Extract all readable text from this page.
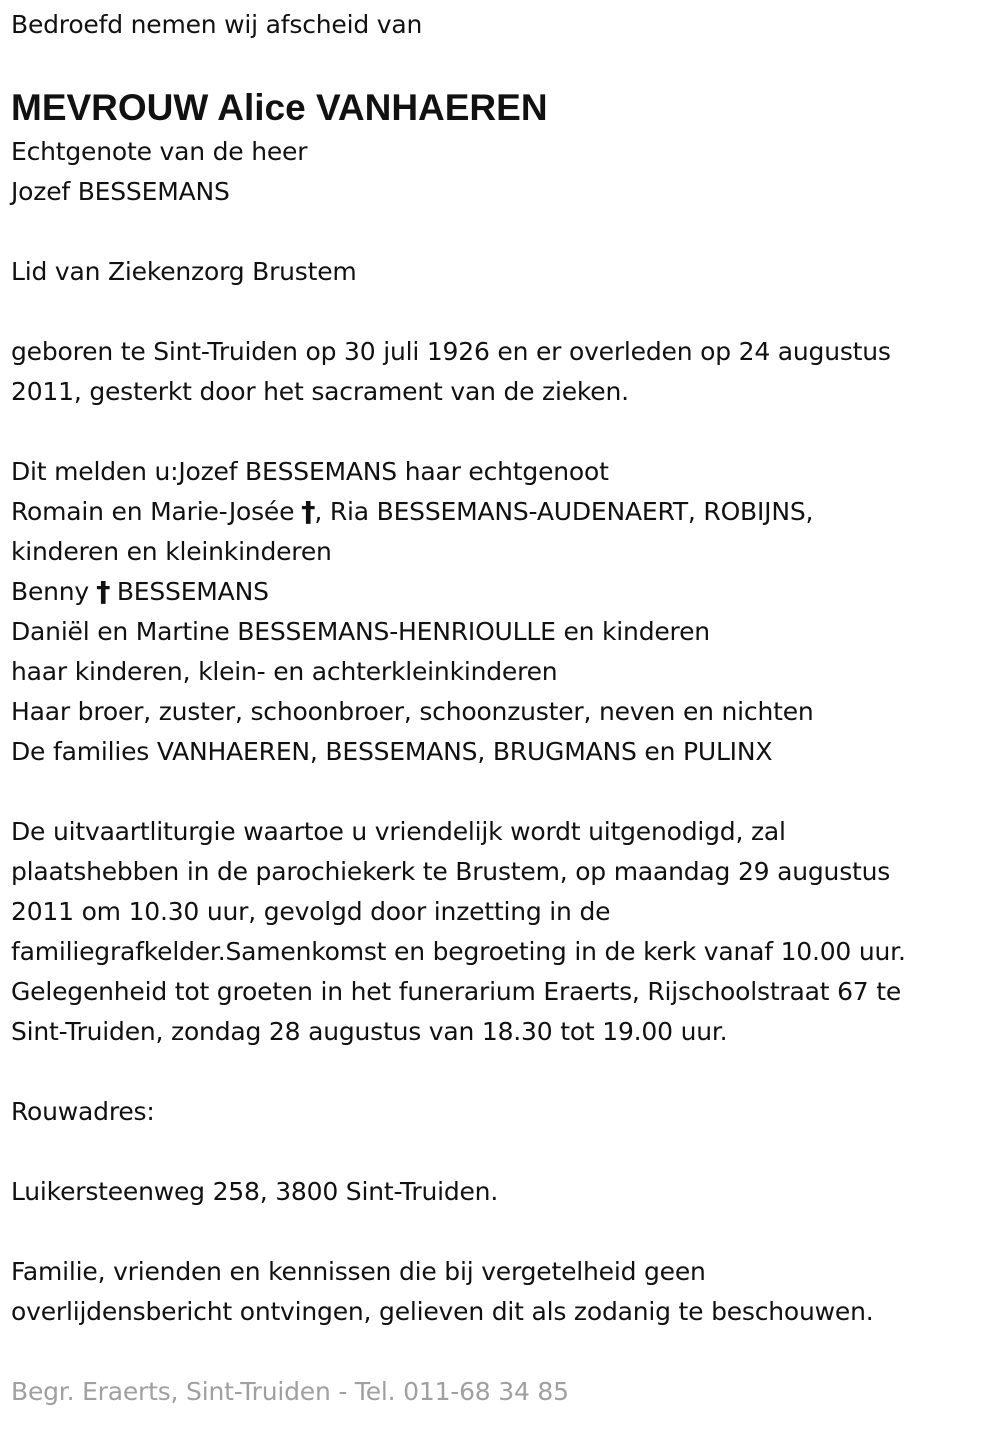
Bedroefd nemen wij afscheid van
MEVROUW Alice VANHAEREN
Echtgenote van de heer
Jozef BESSEMANS
Lid van Ziekenzorg Brustem
geboren te Sint-Truiden op 30 juli 1926 en er overleden op 24 augustus
2011, gesterkt door het sacrament van de zieken.
Dit melden u:Jozef BESSEMANS haar echtgenoot
Romain en Marie-Josée †, Ria BESSEMANS-AUDENAERT, ROBIJNS,
kinderen en kleinkinderen
Benny † BESSEMANS
Daniël en Martine BESSEMANS-HENRIOULLE en kinderen
haar kinderen, klein- en achterkleinkinderen
Haar broer, zuster, schoonbroer, schoonzuster, neven en nichten
De families VANHAEREN, BESSEMANS, BRUGMANS en PULINX
De uitvaartliturgie waartoe u vriendelijk wordt uitgenodigd, zal
plaatshebben in de parochiekerk te Brustem, op maandag 29 augustus
2011 om 10.30 uur, gevolgd door inzetting in de
familiegrafkelder.Samenkomst en begroeting in de kerk vanaf 10.00 uur.
Gelegenheid tot groeten in het funerarium Eraerts, Rijschoolstraat 67 te
Sint-Truiden, zondag 28 augustus van 18.30 tot 19.00 uur.
Rouwadres:
Luikersteenweg 258, 3800 Sint-Truiden.
Familie, vrienden en kennissen die bij vergetelheid geen
overlijdensbericht ontvingen, gelieven dit als zodanig te beschouwen.
Begr. Eraerts, Sint-Truiden - Tel. 011-68 34 85
